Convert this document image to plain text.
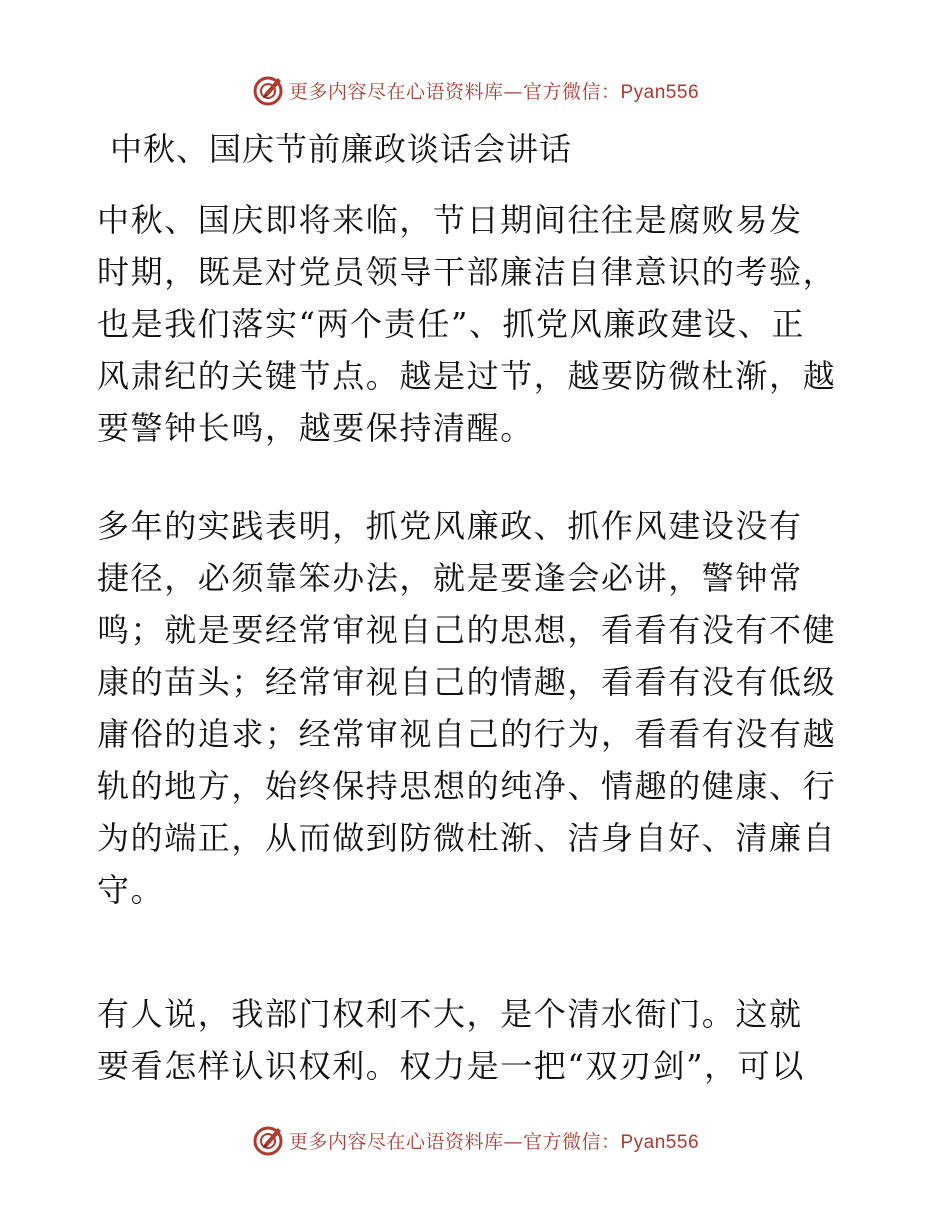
更多内容尽在心语资料库—官方微信：Pyan556
中秋、国庆节前廉政谈话会讲话
中秋、国庆即将来临，节日期间往往是腐败易发
时期，既是对党员领导干部廉洁自律意识的考验，
也是我们落实“两个责任”、抓党风廉政建设、正
风肃纪的关键节点。越是过节，越要防微杜渐，越
要警钟长鸣，越要保持清醒。
多年的实践表明，抓党风廉政、抓作风建设没有
捷径，必须靠笨办法，就是要逢会必讲，警钟常
鸣；就是要经常审视自己的思想，看看有没有不健
康的苗头；经常审视自己的情趣，看看有没有低级
庸俗的追求；经常审视自己的行为，看看有没有越
轨的地方，始终保持思想的纯净、情趣的健康、行
为的端正，从而做到防微杜渐、洁身自好、清廉自
守。
有人说，我部门权利不大，是个清水衙门。这就
要看怎样认识权利。权力是一把“双刃剑”，可以
更多内容尽在心语资料库—官方微信：Pyan556
